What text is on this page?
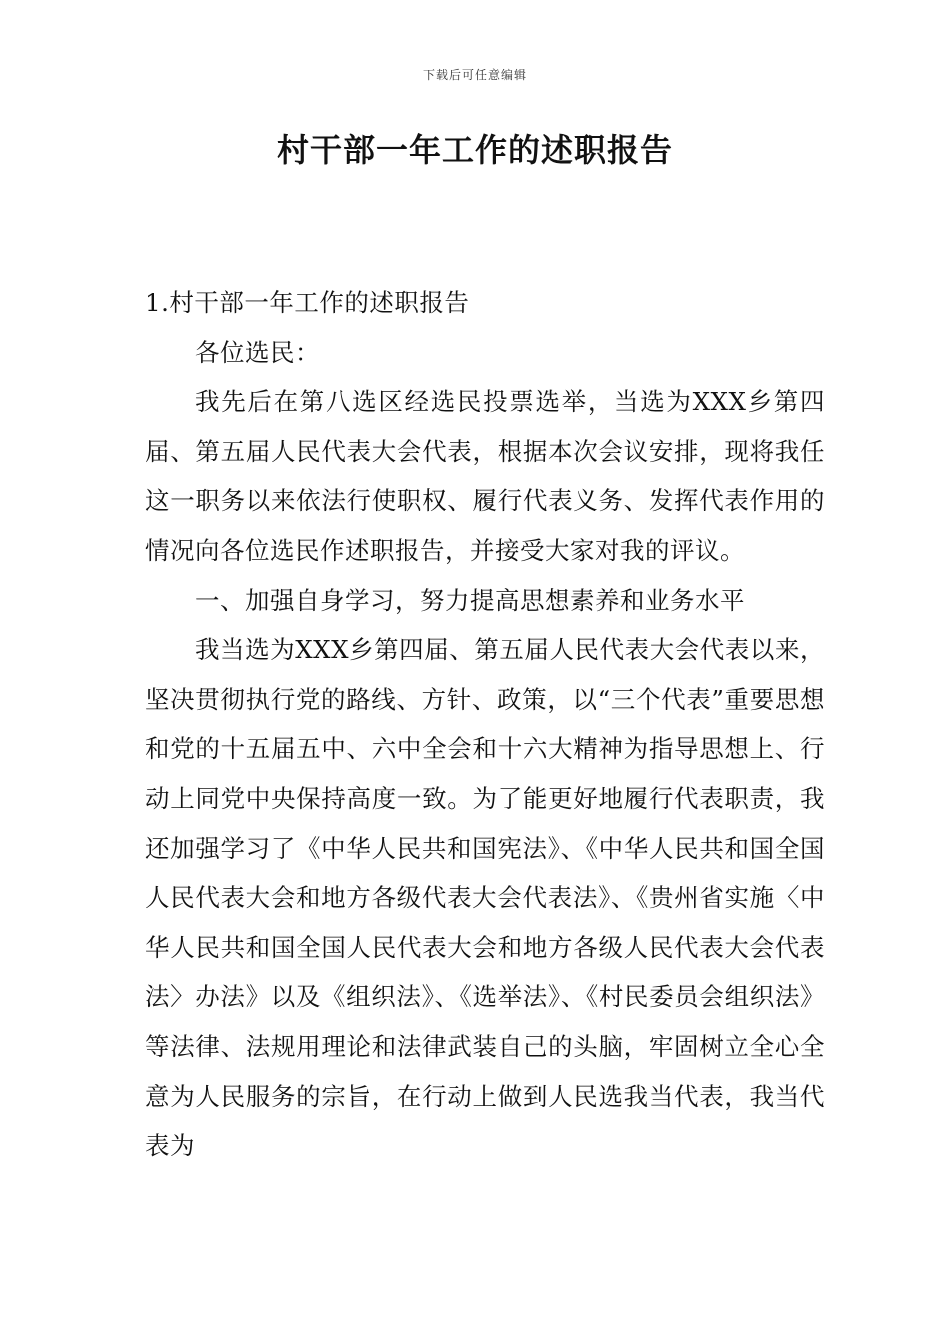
下载后可任意编辑
村干部一年工作的述职报告

1.村干部一年工作的述职报告

各位选民：

我先后在第八选区经选民投票选举，当选为XXX乡第四届、第五届人民代表大会代表，根据本次会议安排，现将我任这一职务以来依法行使职权、履行代表义务、发挥代表作用的情况向各位选民作述职报告，并接受大家对我的评议。

一、加强自身学习，努力提高思想素养和业务水平

我当选为XXX乡第四届、第五届人民代表大会代表以来，坚决贯彻执行党的路线、方针、政策，以“三个代表”重要思想和党的十五届五中、六中全会和十六大精神为指导思想上、行动上同党中央保持高度一致。为了能更好地履行代表职责，我还加强学习了《中华人民共和国宪法》、《中华人民共和国全国人民代表大会和地方各级代表大会代表法》、《贵州省实施〈中华人民共和国全国人民代表大会和地方各级人民代表大会代表法〉办法》以及《组织法》、《选举法》、《村民委员会组织法》等法律、法规用理论和法律武装自己的头脑，牢固树立全心全意为人民服务的宗旨，在行动上做到人民选我当代表，我当代表为
